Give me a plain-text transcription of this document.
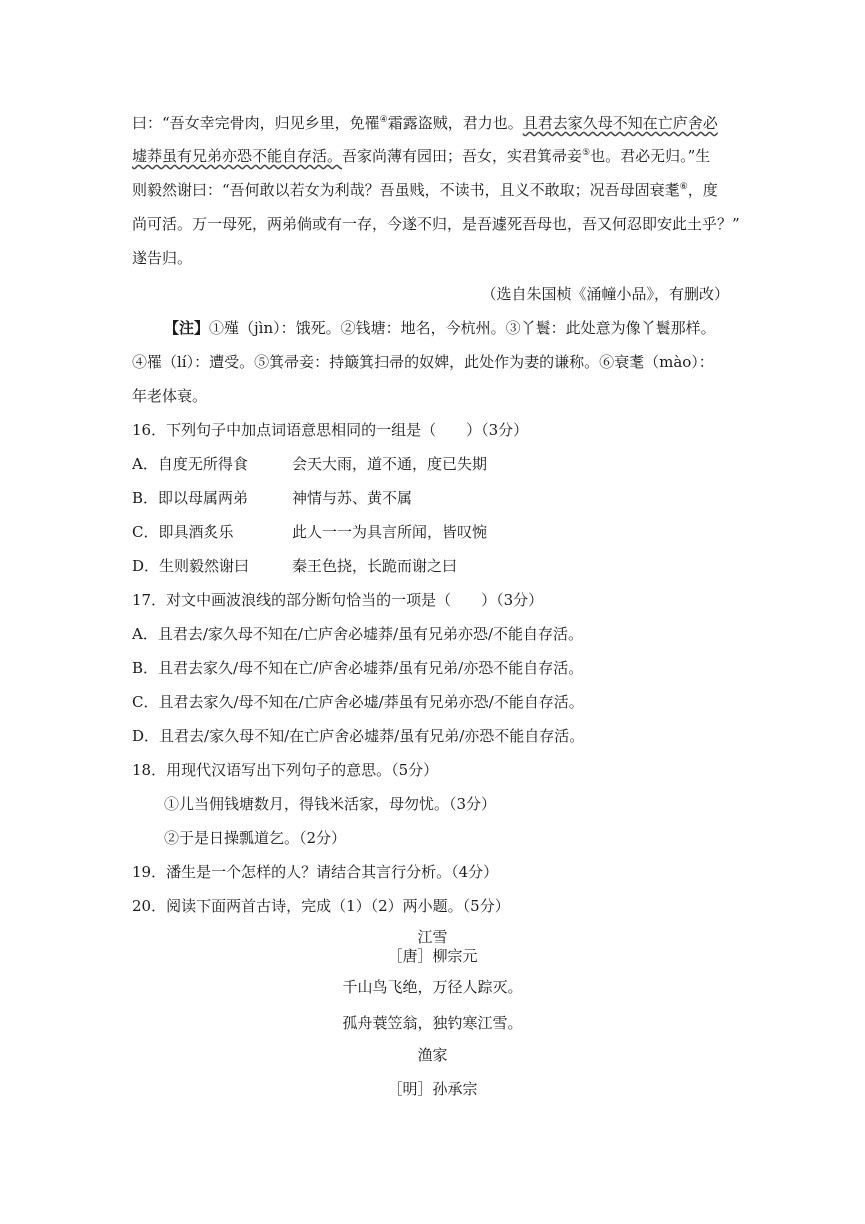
曰：“吾女幸完骨肉，归见乡里，免罹④霜露盗贼，君力也。且君去家久母不知在亡庐舍必
墟莽虽有兄弟亦恐不能自存活。吾家尚薄有园田；吾女，实君箕帚妾⑤也。君必无归。”生
则毅然谢曰：“吾何敢以若女为利哉？吾虽贱，不读书，且义不敢取；况吾母固衰耄⑥，度
尚可活。万一母死，两弟倘或有一存，今遂不归，是吾遽死吾母也，吾又何忍即安此土乎？”
遂告归。
（选自朱国桢《涌幢小品》，有删改）
【注】①殣（jìn）：饿死。②钱塘：地名，今杭州。③丫鬟：此处意为像丫鬟那样。
④罹（lí）：遭受。⑤箕帚妾：持簸箕扫帚的奴婢，此处作为妻的谦称。⑥衰耄（mào）：
年老体衰。
16．下列句子中加点词语意思相同的一组是（　　）（3分）
A．自度无所得食	会天大雨，道不通，度已失期
B．即以母属两弟	神情与苏、黄不属
C．即具酒炙乐	此人一一为具言所闻，皆叹惋
D．生则毅然谢曰	秦王色挠，长跪而谢之曰
17．对文中画波浪线的部分断句恰当的一项是（　　）（3分）
A．且君去/家久母不知在/亡庐舍必墟莽/虽有兄弟亦恐/不能自存活。
B．且君去家久/母不知在亡/庐舍必墟莽/虽有兄弟/亦恐不能自存活。
C．且君去家久/母不知在/亡庐舍必墟/莽虽有兄弟亦恐/不能自存活。
D．且君去/家久母不知/在亡庐舍必墟莽/虽有兄弟/亦恐不能自存活。
18．用现代汉语写出下列句子的意思。（5分）
①儿当佣钱塘数月，得钱米活家，母勿忧。（3分）
②于是日操瓢道乞。（2分）
19．潘生是一个怎样的人？请结合其言行分析。（4分）
20．阅读下面两首古诗，完成（1）（2）两小题。（5分）
江雪
［唐］柳宗元
千山鸟飞绝，万径人踪灭。
孤舟蓑笠翁，独钓寒江雪。
渔家
［明］孙承宗
